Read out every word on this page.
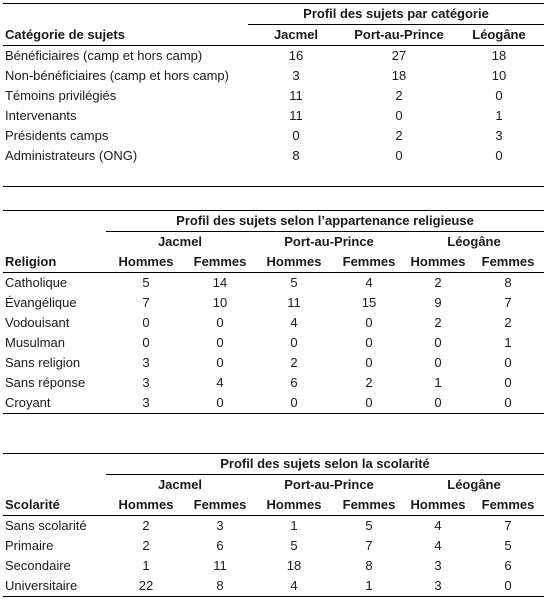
	Profil des sujets par catégorie		
Catégorie de sujets	Jacmel	Port-au-Prince	Léogâne
Bénéficiaires (camp et hors camp)	16	27	18
Non-bénéficiaires (camp et hors camp)	3	18	10
Témoins privilégiés	11	2	0
Intervenants	11	0	1
Présidents camps	0	2	3
Administrateurs (ONG)	8	0	0

	Profil des sujets selon l’appartenance religieuse					
	Jacmel		Port-au-Prince		Léogâne	
Religion	Hommes	Femmes	Hommes	Femmes	Hommes	Femmes
Catholique	5	14	5	4	2	8
Évangélique	7	10	11	15	9	7
Vodouisant	0	0	4	0	2	2
Musulman	0	0	0	0	0	1
Sans religion	3	0	2	0	0	0
Sans réponse	3	4	6	2	1	0
Croyant	3	0	0	0	0	0
	Profil des sujets selon la scolarité					
	Jacmel		Port-au-Prince		Léogâne	
Scolarité	Hommes	Femmes	Hommes	Femmes	Hommes	Femmes
Sans scolarité	2	3	1	5	4	7
Primaire	2	6	5	7	4	5
Secondaire	1	11	18	8	3	6
Universitaire	22	8	4	1	3	0
